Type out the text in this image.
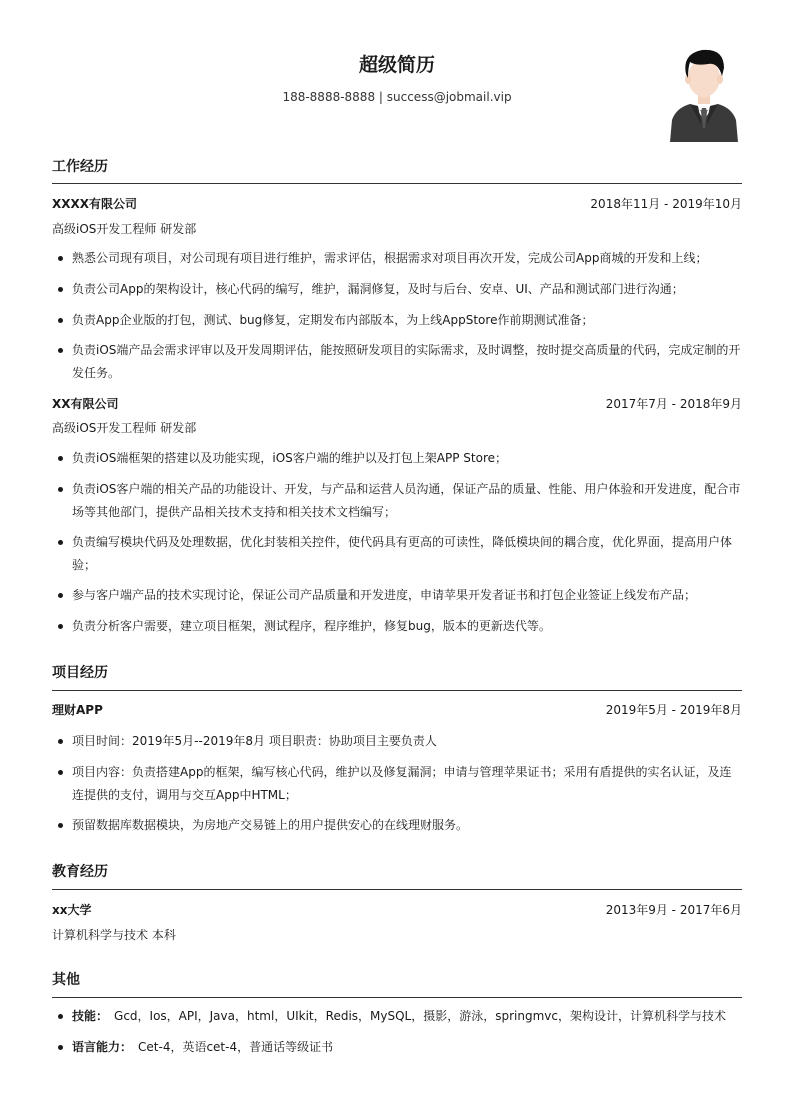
超级简历
188-8888-8888 | success@jobmail.vip
工作经历
XXXX有限公司	2018年11月 - 2019年10月
高级iOS开发工程师 研发部
熟悉公司现有项目，对公司现有项目进行维护，需求评估，根据需求对项目再次开发，完成公司App商城的开发和上线；
负责公司App的架构设计，核心代码的编写，维护，漏洞修复，及时与后台、安卓、UI、产品和测试部门进行沟通；
负责App企业版的打包，测试、bug修复，定期发布内部版本，为上线AppStore作前期测试准备；
负责iOS端产品会需求评审以及开发周期评估，能按照研发项目的实际需求，及时调整，按时提交高质量的代码，完成定制的开发任务。
XX有限公司	2017年7月 - 2018年9月
高级iOS开发工程师 研发部
负责iOS端框架的搭建以及功能实现，iOS客户端的维护以及打包上架APP Store；
负责iOS客户端的相关产品的功能设计、开发，与产品和运营人员沟通，保证产品的质量、性能、用户体验和开发进度，配合市场等其他部门，提供产品相关技术支持和相关技术文档编写；
负责编写模块代码及处理数据，优化封装相关控件，使代码具有更高的可读性，降低模块间的耦合度，优化界面，提高用户体验；
参与客户端产品的技术实现讨论，保证公司产品质量和开发进度，申请苹果开发者证书和打包企业签证上线发布产品；
负责分析客户需要，建立项目框架，测试程序，程序维护，修复bug，版本的更新迭代等。
项目经历
理财APP	2019年5月 - 2019年8月
项目时间：2019年5月--2019年8月 项目职责：协助项目主要负责人
项目内容：负责搭建App的框架，编写核心代码，维护以及修复漏洞；申请与管理苹果证书；采用有盾提供的实名认证，及连连提供的支付，调用与交互App中HTML；
预留数据库数据模块，为房地产交易链上的用户提供安心的在线理财服务。
教育经历
xx大学	2013年9月 - 2017年6月
计算机科学与技术 本科
其他
技能： Gcd，Ios，API，Java，html，UIkit，Redis，MySQL，摄影，游泳，springmvc，架构设计，计算机科学与技术
语言能力： Cet-4，英语cet-4，普通话等级证书
